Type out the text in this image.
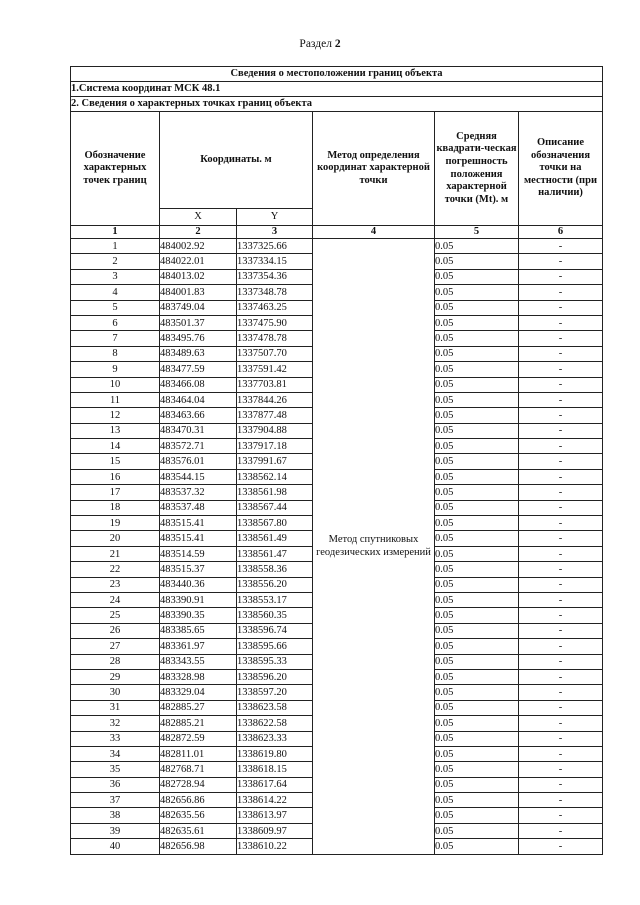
Раздел 2
Сведения о местоположении границ объекта					
1.Система координат МСК 48.1					
2. Сведения о характерных точках границ объекта					
Обозначение характерных точек границ	Координаты. м		Метод определения координат характерной точки	Средняя квадрати-ческая погрешность положения характерной точки (Mt). м	Описание обозначения точки на местности (при наличии)
	X	Y			
1	2	3	4	5	6
1	484002.92	1337325.66	Метод спутниковых геодезических измерений	0.05	-
2	484022.01	1337334.15		0.05	-
3	484013.02	1337354.36		0.05	-
4	484001.83	1337348.78		0.05	-
5	483749.04	1337463.25		0.05	-
6	483501.37	1337475.90		0.05	-
7	483495.76	1337478.78		0.05	-
8	483489.63	1337507.70		0.05	-
9	483477.59	1337591.42		0.05	-
10	483466.08	1337703.81		0.05	-
11	483464.04	1337844.26		0.05	-
12	483463.66	1337877.48		0.05	-
13	483470.31	1337904.88		0.05	-
14	483572.71	1337917.18		0.05	-
15	483576.01	1337991.67		0.05	-
16	483544.15	1338562.14		0.05	-
17	483537.32	1338561.98		0.05	-
18	483537.48	1338567.44		0.05	-
19	483515.41	1338567.80		0.05	-
20	483515.41	1338561.49		0.05	-
21	483514.59	1338561.47		0.05	-
22	483515.37	1338558.36		0.05	-
23	483440.36	1338556.20		0.05	-
24	483390.91	1338553.17		0.05	-
25	483390.35	1338560.35		0.05	-
26	483385.65	1338596.74		0.05	-
27	483361.97	1338595.66		0.05	-
28	483343.55	1338595.33		0.05	-
29	483328.98	1338596.20		0.05	-
30	483329.04	1338597.20		0.05	-
31	482885.27	1338623.58		0.05	-
32	482885.21	1338622.58		0.05	-
33	482872.59	1338623.33		0.05	-
34	482811.01	1338619.80		0.05	-
35	482768.71	1338618.15		0.05	-
36	482728.94	1338617.64		0.05	-
37	482656.86	1338614.22		0.05	-
38	482635.56	1338613.97		0.05	-
39	482635.61	1338609.97		0.05	-
40	482656.98	1338610.22		0.05	-
